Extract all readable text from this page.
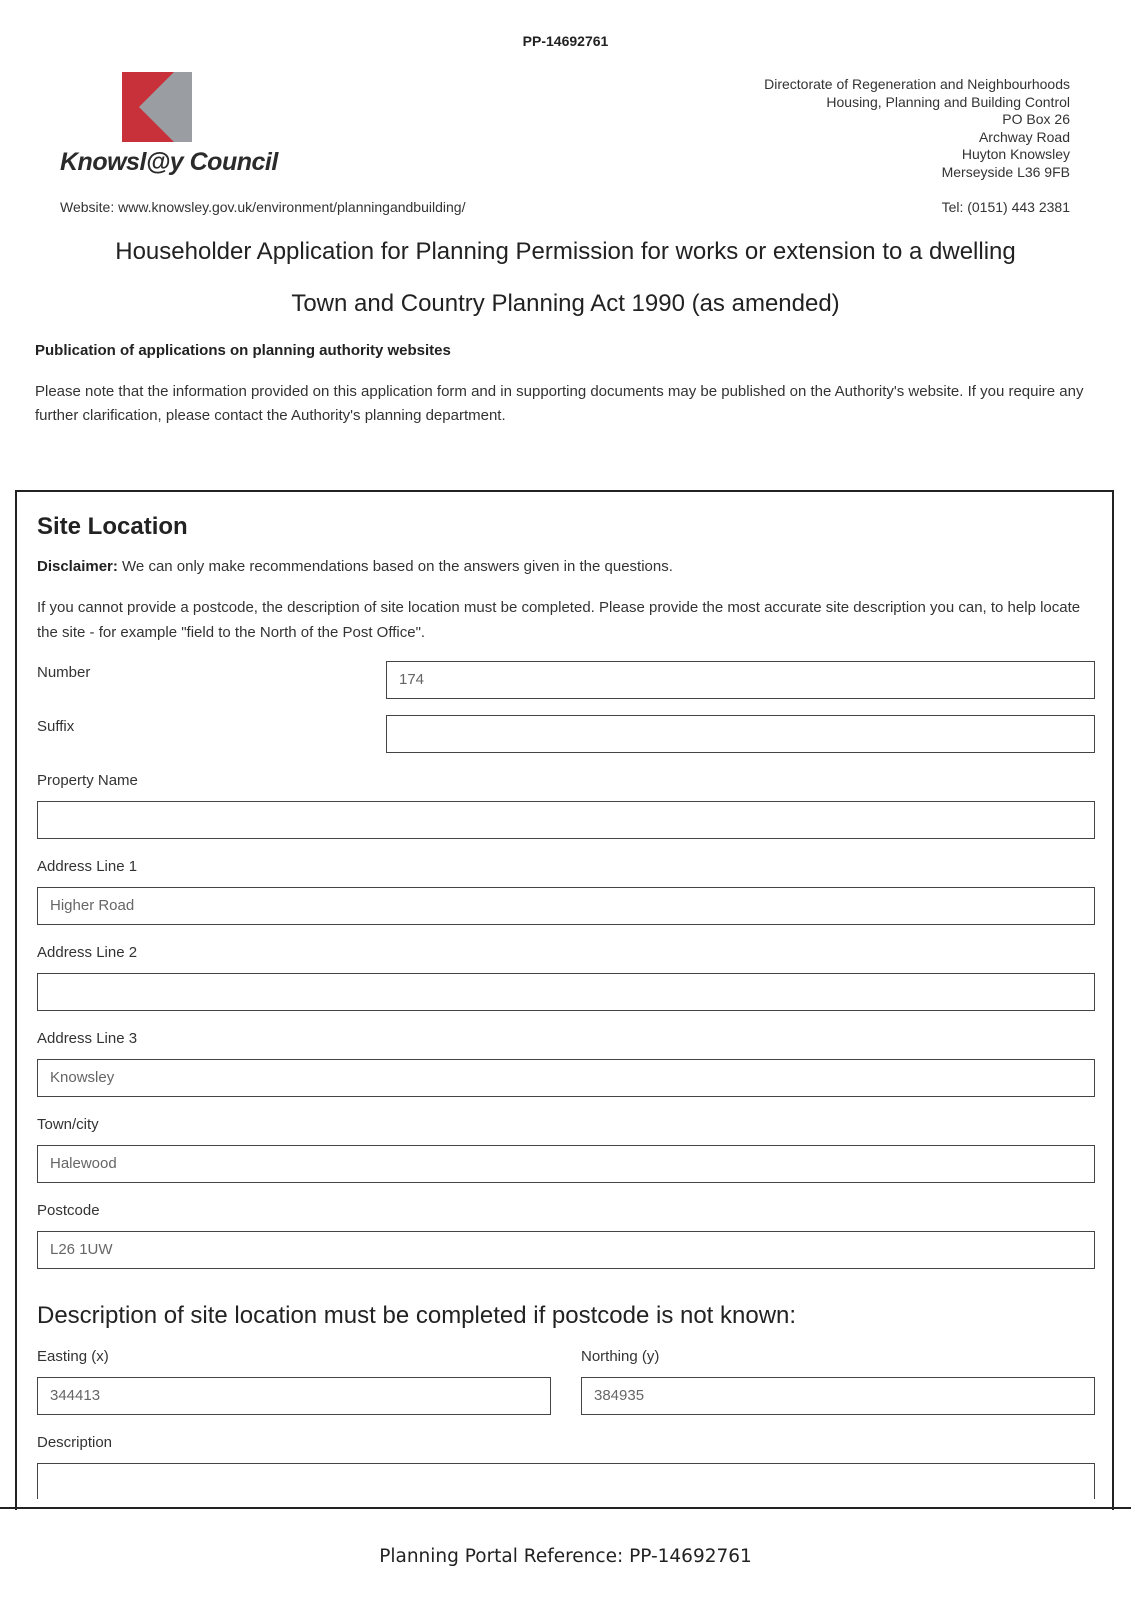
PP-14692761
Knowsl@y Council
Directorate of Regeneration and Neighbourhoods
Housing, Planning and Building Control
PO Box 26
Archway Road
Huyton Knowsley
Merseyside L36 9FB
Website: www.knowsley.gov.uk/environment/planningandbuilding/	Tel: (0151) 443 2381
Householder Application for Planning Permission for works or extension to a dwelling
Town and Country Planning Act 1990 (as amended)
Publication of applications on planning authority websites
Please note that the information provided on this application form and in supporting documents may be published on the Authority's website. If you require any further clarification, please contact the Authority's planning department.
Site Location
Disclaimer: We can only make recommendations based on the answers given in the questions.
If you cannot provide a postcode, the description of site location must be completed. Please provide the most accurate site description you can, to help locate the site - for example "field to the North of the Post Office".
Number	174
Suffix
Property Name
Address Line 1
Higher Road
Address Line 2
Address Line 3
Knowsley
Town/city
Halewood
Postcode
L26 1UW
Description of site location must be completed if postcode is not known:
Easting (x)
344413
Northing (y)
384935
Description
Planning Portal Reference: PP-14692761
